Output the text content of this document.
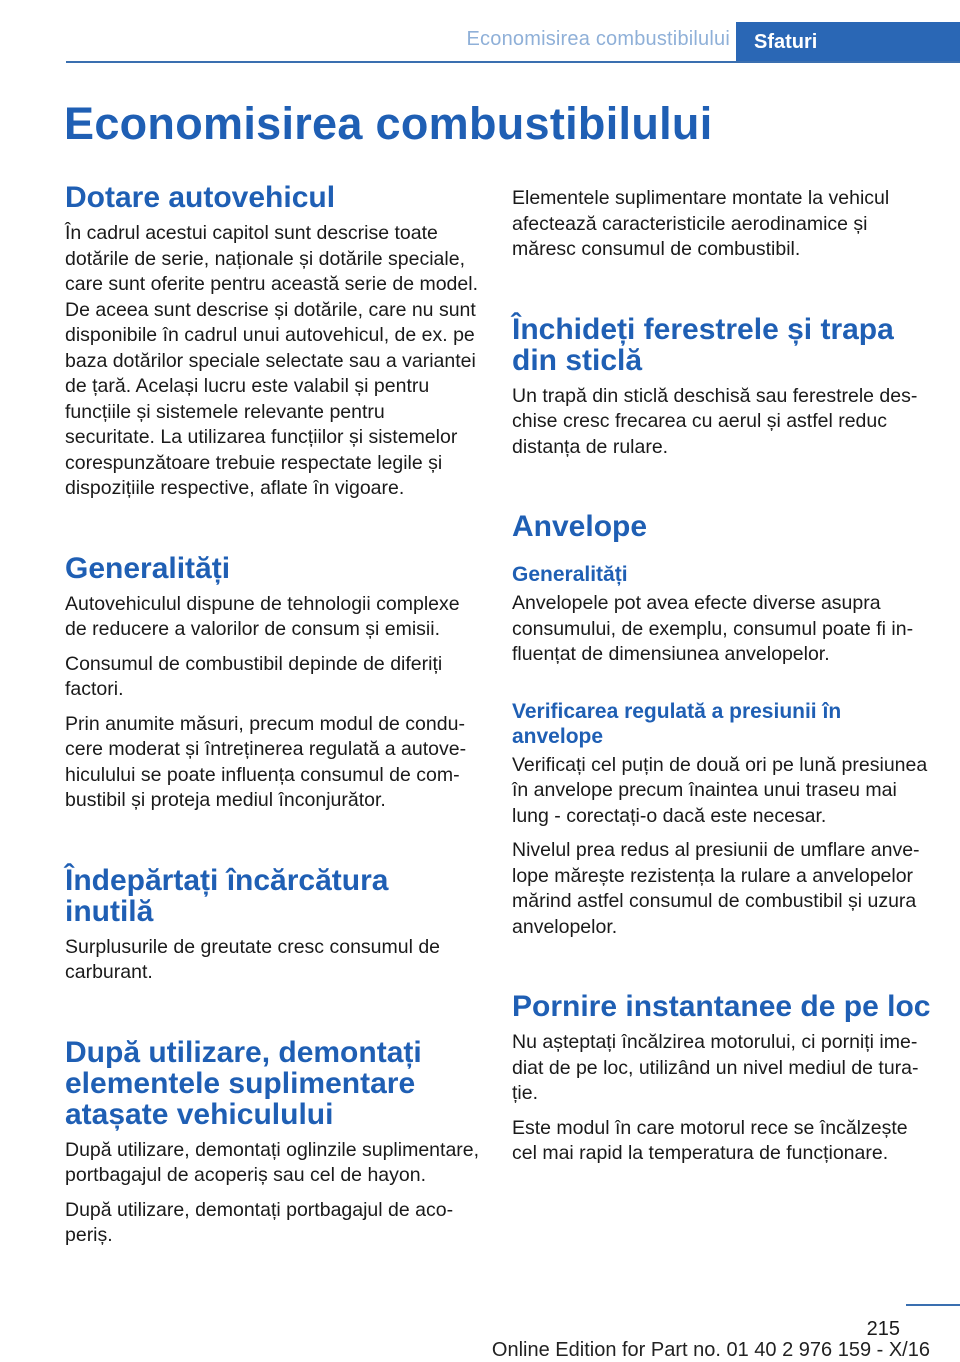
Economisirea combustibilului	Sfaturi
Economisirea combustibilului
Dotare autovehicul

În cadrul acestui capitol sunt descrise toate dotările de serie, naționale și dotările speciale, care sunt oferite pentru această serie de model. De aceea sunt descrise și dotările, care nu sunt disponibile în cadrul unui autovehicul, de ex. pe baza dotărilor speciale selectate sau a variantei de țară. Același lucru este valabil și pentru funcțiile și sistemele relevante pentru securitate. La utilizarea funcțiilor și sistemelor corespunzătoare trebuie respectate legile și dispozițiile respective, aflate în vigoare.

Generalități

Autovehiculul dispune de tehnologii complexe de reducere a valorilor de consum și emisii.

Consumul de combustibil depinde de diferiți factori.

Prin anumite măsuri, precum modul de conducere moderat și întreținerea regulată a autovehiculului se poate influența consumul de combustibil și proteja mediul înconjurător.

Îndepărtați încărcătura inutilă

Surplusurile de greutate cresc consumul de carburant.

După utilizare, demontați elementele suplimentare atașate vehiculului

După utilizare, demontați oglinzile suplimentare, portbagajul de acoperiș sau cel de hayon.

După utilizare, demontați portbagajul de acoperiș.

Elementele suplimentare montate la vehicul afectează caracteristicile aerodinamice și măresc consumul de combustibil.

Închideți ferestrele și trapa din sticlă

Un trapă din sticlă deschisă sau ferestrele deschise cresc frecarea cu aerul și astfel reduc distanța de rulare.

Anvelope
Generalități

Anvelopele pot avea efecte diverse asupra consumului, de exemplu, consumul poate fi influențat de dimensiunea anvelopelor.

Verificarea regulată a presiunii în anvelope

Verificați cel puțin de două ori pe lună presiunea în anvelope precum înaintea unui traseu mai lung - corectați-o dacă este necesar.

Nivelul prea redus al presiunii de umflare anvelope mărește rezistența la rulare a anvelopelor mărind astfel consumul de combustibil și uzura anvelopelor.

Pornire instantanee de pe loc

Nu așteptați încălzirea motorului, ci porniți imediat de pe loc, utilizând un nivel mediul de turație.

Este modul în care motorul rece se încălzește cel mai rapid la temperatura de funcționare.

215
Online Edition for Part no. 01 40 2 976 159 - X/16
